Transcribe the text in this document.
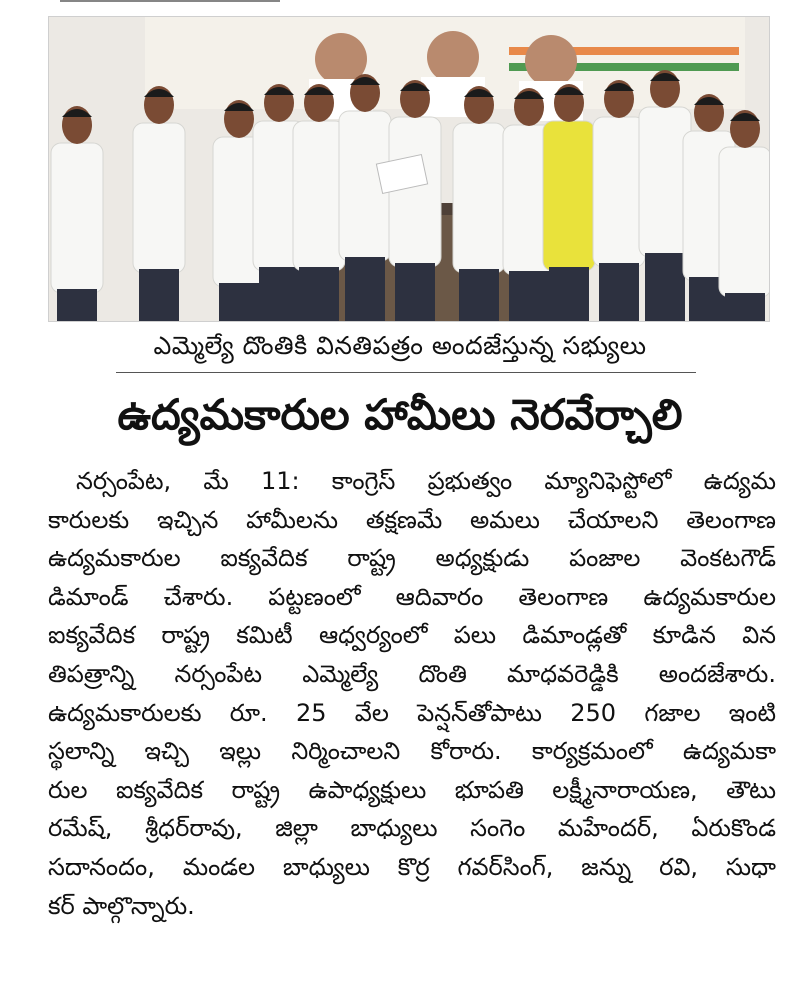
ఎమ్మెల్యే దొంతికి వినతిపత్రం అందజేస్తున్న సభ్యులు
ఉద్యమకారుల హామీలు నెరవేర్చాలి
నర్సంపేట, మే 11: కాంగ్రెస్ ప్రభుత్వం మ్యానిఫెస్టోలో ఉద్యమ
కారులకు ఇచ్చిన హామీలను తక్షణమే అమలు చేయాలని తెలంగాణ
ఉద్యమకారుల ఐక్యవేదిక రాష్ట్ర అధ్యక్షుడు పంజాల వెంకటగౌడ్
డిమాండ్ చేశారు. పట్టణంలో ఆదివారం తెలంగాణ ఉద్యమకారుల
ఐక్యవేదిక రాష్ట్ర కమిటీ ఆధ్వర్యంలో పలు డిమాండ్లతో కూడిన విన
తిపత్రాన్ని నర్సంపేట ఎమ్మెల్యే దొంతి మాధవరెడ్డికి అందజేశారు.
ఉద్యమకారులకు రూ. 25 వేల పెన్షన్‌తోపాటు 250 గజాల ఇంటి
స్థలాన్ని ఇచ్చి ఇల్లు నిర్మించాలని కోరారు. కార్యక్రమంలో ఉద్యమకా
రుల ఐక్యవేదిక రాష్ట్ర ఉపాధ్యక్షులు భూపతి లక్ష్మీనారాయణ, తౌటు
రమేష్, శ్రీధర్‌రావు, జిల్లా బాధ్యులు సంగెం మహేందర్, ఏరుకొండ
సదానందం, మండల బాధ్యులు కొర్ర గవర్‌సింగ్, జన్ను రవి, సుధా
కర్ పాల్గొన్నారు.
